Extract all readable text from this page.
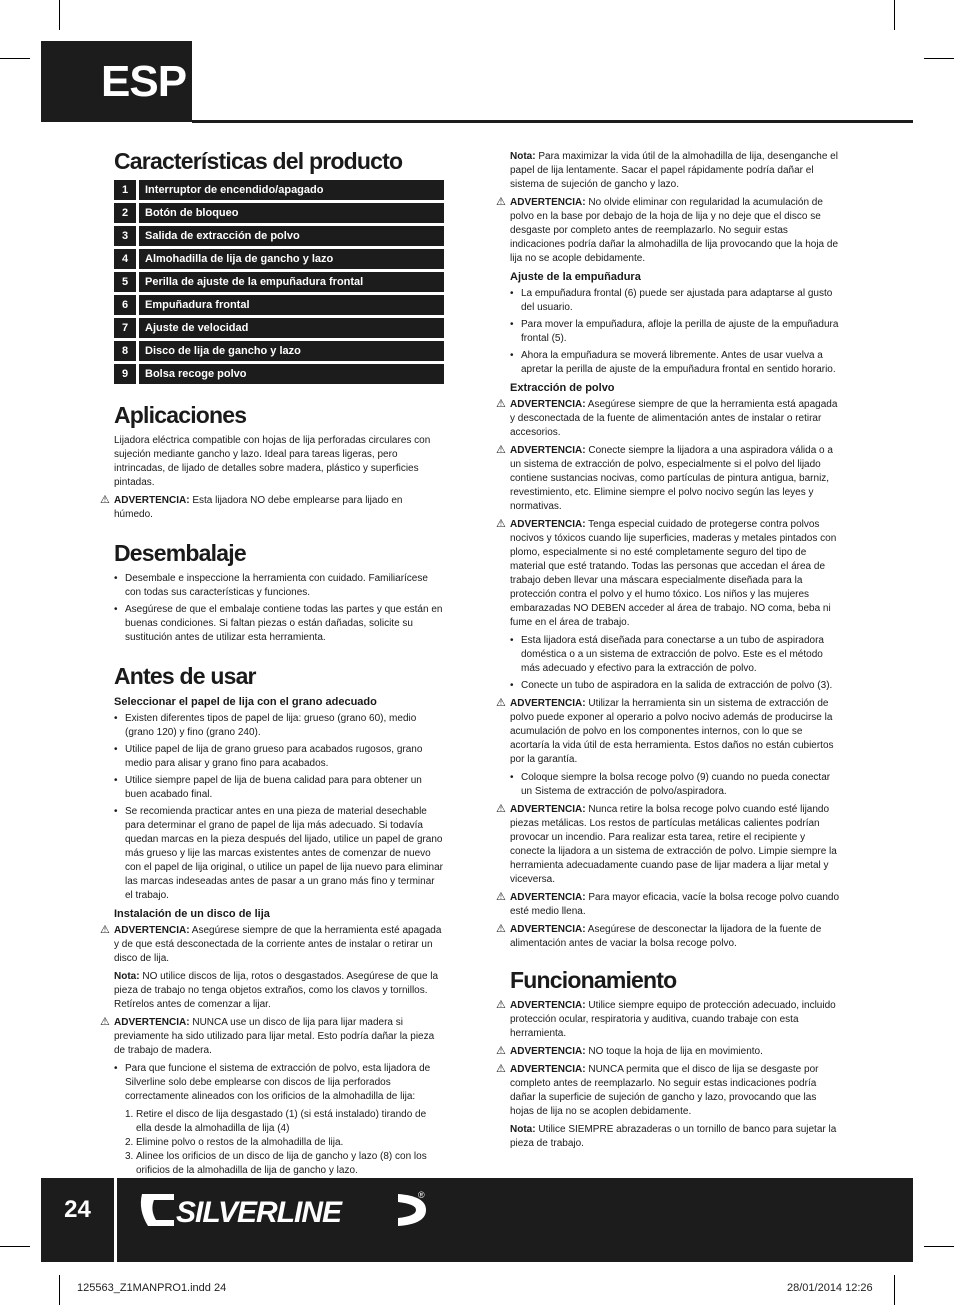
ESP
Características del producto
1	Interruptor de encendido/apagado
2	Botón de bloqueo
3	Salida de extracción de polvo
4	Almohadilla de lija de gancho y lazo
5	Perilla de ajuste de la empuñadura frontal
6	Empuñadura frontal
7	Ajuste de velocidad
8	Disco de lija de gancho y lazo
9	Bolsa recoge polvo
Aplicaciones

Lijadora eléctrica compatible con hojas de lija perforadas circulares con sujeción mediante gancho y lazo. Ideal para tareas ligeras, pero intrincadas, de lijado de detalles sobre madera, plástico y superficies pintadas.

⚠ ADVERTENCIA: Esta lijadora NO debe emplearse para lijado en húmedo.
Desembalaje
• Desembale e inspeccione la herramienta con cuidado. Familiarícese con todas sus características y funciones.
• Asegúrese de que el embalaje contiene todas las partes y que están en buenas condiciones. Si faltan piezas o están dañadas, solicite su sustitución antes de utilizar esta herramienta.
Antes de usar
Seleccionar el papel de lija con el grano adecuado
• Existen diferentes tipos de papel de lija: grueso (grano 60), medio (grano 120) y fino (grano 240).
• Utilice papel de lija de grano grueso para acabados rugosos, grano medio para alisar y grano fino para acabados.
• Utilice siempre papel de lija de buena calidad para para obtener un buen acabado final.
• Se recomienda practicar antes en una pieza de material desechable para determinar el grano de papel de lija más adecuado. Si todavía quedan marcas en la pieza después del lijado, utilice un papel de grano más grueso y lije las marcas existentes antes de comenzar de nuevo con el papel de lija original, o utilice un papel de lija nuevo para eliminar las marcas indeseadas antes de pasar a un grano más fino y terminar el trabajo.
Instalación de un disco de lija
⚠ ADVERTENCIA: Asegúrese siempre de que la herramienta esté apagada y de que está desconectada de la corriente antes de instalar o retirar un disco de lija.

Nota: NO utilice discos de lija, rotos o desgastados. Asegúrese de que la pieza de trabajo no tenga objetos extraños, como los clavos y tornillos. Retírelos antes de comenzar a lijar.

⚠ ADVERTENCIA: NUNCA use un disco de lija para lijar madera si previamente ha sido utilizado para lijar metal. Esto podría dañar la pieza de trabajo de madera.
• Para que funcione el sistema de extracción de polvo, esta lijadora de Silverline solo debe emplearse con discos de lija perforados correctamente alineados con los orificios de la almohadilla de lija:
1. Retire el disco de lija desgastado (1) (si está instalado) tirando de ella desde la almohadilla de lija (4)
2. Elimine polvo o restos de la almohadilla de lija.
3. Alinee los orificios de un disco de lija de gancho y lazo (8) con los orificios de la almohadilla de lija de gancho y lazo.

Nota: Para maximizar la vida útil de la almohadilla de lija, desenganche el papel de lija lentamente. Sacar el papel rápidamente podría dañar el sistema de sujeción de gancho y lazo.

⚠ ADVERTENCIA: No olvide eliminar con regularidad la acumulación de polvo en la base por debajo de la hoja de lija y no deje que el disco se desgaste por completo antes de reemplazarlo. No seguir estas indicaciones podría dañar la almohadilla de lija provocando que la hoja de lija no se acople debidamente.
Ajuste de la empuñadura
• La empuñadura frontal (6) puede ser ajustada para adaptarse al gusto del usuario.
• Para mover la empuñadura, afloje la perilla de ajuste de la empuñadura frontal (5).
• Ahora la empuñadura se moverá libremente. Antes de usar vuelva a apretar la perilla de ajuste de la empuñadura frontal en sentido horario.
Extracción de polvo
⚠ ADVERTENCIA: Asegúrese siempre de que la herramienta está apagada y desconectada de la fuente de alimentación antes de instalar o retirar accesorios.
⚠ ADVERTENCIA: Conecte siempre la lijadora a una aspiradora válida o a un sistema de extracción de polvo, especialmente si el polvo del lijado contiene sustancias nocivas, como partículas de pintura antigua, barniz, revestimiento, etc. Elimine siempre el polvo nocivo según las leyes y normativas.
⚠ ADVERTENCIA: Tenga especial cuidado de protegerse contra polvos nocivos y tóxicos cuando lije superficies, maderas y metales pintados con plomo, especialmente si no esté completamente seguro del tipo de material que esté tratando. Todas las personas que accedan el área de trabajo deben llevar una máscara especialmente diseñada para la protección contra el polvo y el humo tóxico. Los niños y las mujeres embarazadas NO DEBEN acceder al área de trabajo. NO coma, beba ni fume en el área de trabajo.
• Esta lijadora está diseñada para conectarse a un tubo de aspiradora doméstica o a un sistema de extracción de polvo. Este es el método más adecuado y efectivo para la extracción de polvo.
• Conecte un tubo de aspiradora en la salida de extracción de polvo (3).
⚠ ADVERTENCIA: Utilizar la herramienta sin un sistema de extracción de polvo puede exponer al operario a polvo nocivo además de producirse la acumulación de polvo en los componentes internos, con lo que se acortaría la vida útil de esta herramienta. Estos daños no están cubiertos por la garantía.
• Coloque siempre la bolsa recoge polvo (9) cuando no pueda conectar un Sistema de extracción de polvo/aspiradora.
⚠ ADVERTENCIA: Nunca retire la bolsa recoge polvo cuando esté lijando piezas metálicas. Los restos de partículas metálicas calientes podrían provocar un incendio. Para realizar esta tarea, retire el recipiente y conecte la lijadora a un sistema de extracción de polvo. Limpie siempre la herramienta adecuadamente cuando pase de lijar madera a lijar metal y viceversa.
⚠ ADVERTENCIA: Para mayor eficacia, vacíe la bolsa recoge polvo cuando esté medio llena.
⚠ ADVERTENCIA: Asegúrese de desconectar la lijadora de la fuente de alimentación antes de vaciar la bolsa recoge polvo.
Funcionamiento
⚠ ADVERTENCIA: Utilice siempre equipo de protección adecuado, incluido protección ocular, respiratoria y auditiva, cuando trabaje con esta herramienta.
⚠ ADVERTENCIA: NO toque la hoja de lija en movimiento.
⚠ ADVERTENCIA: NUNCA permita que el disco de lija se desgaste por completo antes de reemplazarlo. No seguir estas indicaciones podría dañar la superficie de sujeción de gancho y lazo, provocando que las hojas de lija no se acoplen debidamente.

Nota: Utilice SIEMPRE abrazaderas o un tornillo de banco para sujetar la pieza de trabajo.

24	SILVERLINE
®
125563_Z1MANPRO1.indd 24	28/01/2014 12:26
